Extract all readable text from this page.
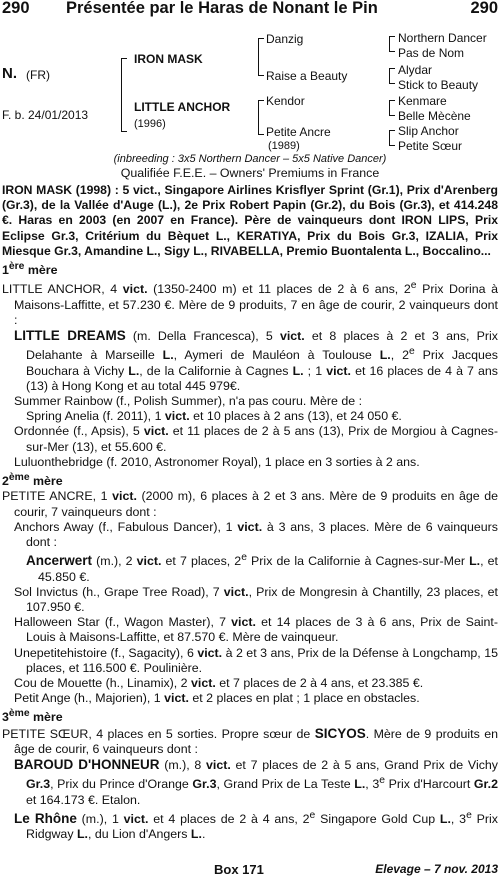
290 Présentée par le Haras de Nonant le Pin	290
N. (FR)
F. b. 24/01/2013
IRON MASK
LITTLE ANCHOR
(1996)
Danzig
Raise a Beauty
Kendor
Petite Ancre
(1989)
Northern Dancer
Pas de Nom
Alydar
Stick to Beauty
Kenmare
Belle Mècène
Slip Anchor
Petite Sœur
(inbreeding : 3x5 Northern Dancer – 5x5 Native Dancer)
Qualifiée F.E.E. – Owners' Premiums in France

IRON MASK (1998) : 5 vict., Singapore Airlines Krisflyer Sprint (Gr.1), Prix d'Arenberg (Gr.3), de la Vallée d'Auge (L.), 2e Prix Robert Papin (Gr.2), du Bois (Gr.3), et 414.248 €. Haras en 2003 (en 2007 en France). Père de vainqueurs dont IRON LIPS, Prix Eclipse Gr.3, Critérium du Bèquet L., KERATIYA, Prix du Bois Gr.3, IZALIA, Prix Miesque Gr.3, Amandine L., Sigy L., RIVABELLA, Premio Buontalenta L., Boccalino...

1ère mère

LITTLE ANCHOR, 4 vict. (1350-2400 m) et 11 places de 2 à 6 ans, 2e Prix Dorina à Maisons-Laffitte, et 57.230 €. Mère de 9 produits, 7 en âge de courir, 2 vainqueurs dont :

LITTLE DREAMS (m. Della Francesca), 5 vict. et 8 places à 2 et 3 ans, Prix Delahante à Marseille L., Aymeri de Mauléon à Toulouse L., 2e Prix Jacques Bouchara à Vichy L., de la Californie à Cagnes L. ; 1 vict. et 16 places de 4 à 7 ans (13) à Hong Kong et au total 445 979€.

Summer Rainbow (f., Polish Summer), n'a pas couru. Mère de :

Spring Anelia (f. 2011), 1 vict. et 10 places à 2 ans (13), et 24 050 €.

Ordonnée (f., Apsis), 5 vict. et 11 places de 2 à 5 ans (13), Prix de Morgiou à Cagnes-sur-Mer (13), et 55.600 €.

Luluonthebridge (f. 2010, Astronomer Royal), 1 place en 3 sorties à 2 ans.

2ème mère

PETITE ANCRE, 1 vict. (2000 m), 6 places à 2 et 3 ans. Mère de 9 produits en âge de courir, 7 vainqueurs dont :

Anchors Away (f., Fabulous Dancer), 1 vict. à 3 ans, 3 places. Mère de 6 vainqueurs dont :

Ancerwert (m.), 2 vict. et 7 places, 2e Prix de la Californie à Cagnes-sur-Mer L., et 45.850 €.

Sol Invictus (h., Grape Tree Road), 7 vict., Prix de Mongresin à Chantilly, 23 places, et 107.950 €.

Halloween Star (f., Wagon Master), 7 vict. et 14 places de 3 à 6 ans, Prix de Saint-Louis à Maisons-Laffitte, et 87.570 €. Mère de vainqueur.

Unepetitehistoire (f., Sagacity), 6 vict. à 2 et 3 ans, Prix de la Défense à Longchamp, 15 places, et 116.500 €. Poulinière.

Cou de Mouette (h., Linamix), 2 vict. et 7 places de 2 à 4 ans, et 23.385 €.

Petit Ange (h., Majorien), 1 vict. et 2 places en plat ; 1 place en obstacles.

3ème mère

PETITE SŒUR, 4 places en 5 sorties. Propre sœur de SICYOS. Mère de 9 produits en âge de courir, 6 vainqueurs dont :

BAROUD D'HONNEUR (m.), 8 vict. et 7 places de 2 à 5 ans, Grand Prix de Vichy Gr.3, Prix du Prince d'Orange Gr.3, Grand Prix de La Teste L., 3e Prix d'Harcourt Gr.2 et 164.173 €. Etalon.

Le Rhône (m.), 1 vict. et 4 places de 2 à 4 ans, 2e Singapore Gold Cup L., 3e Prix Ridgway L., du Lion d'Angers L..

Box 171	Elevage – 7 nov. 2013
